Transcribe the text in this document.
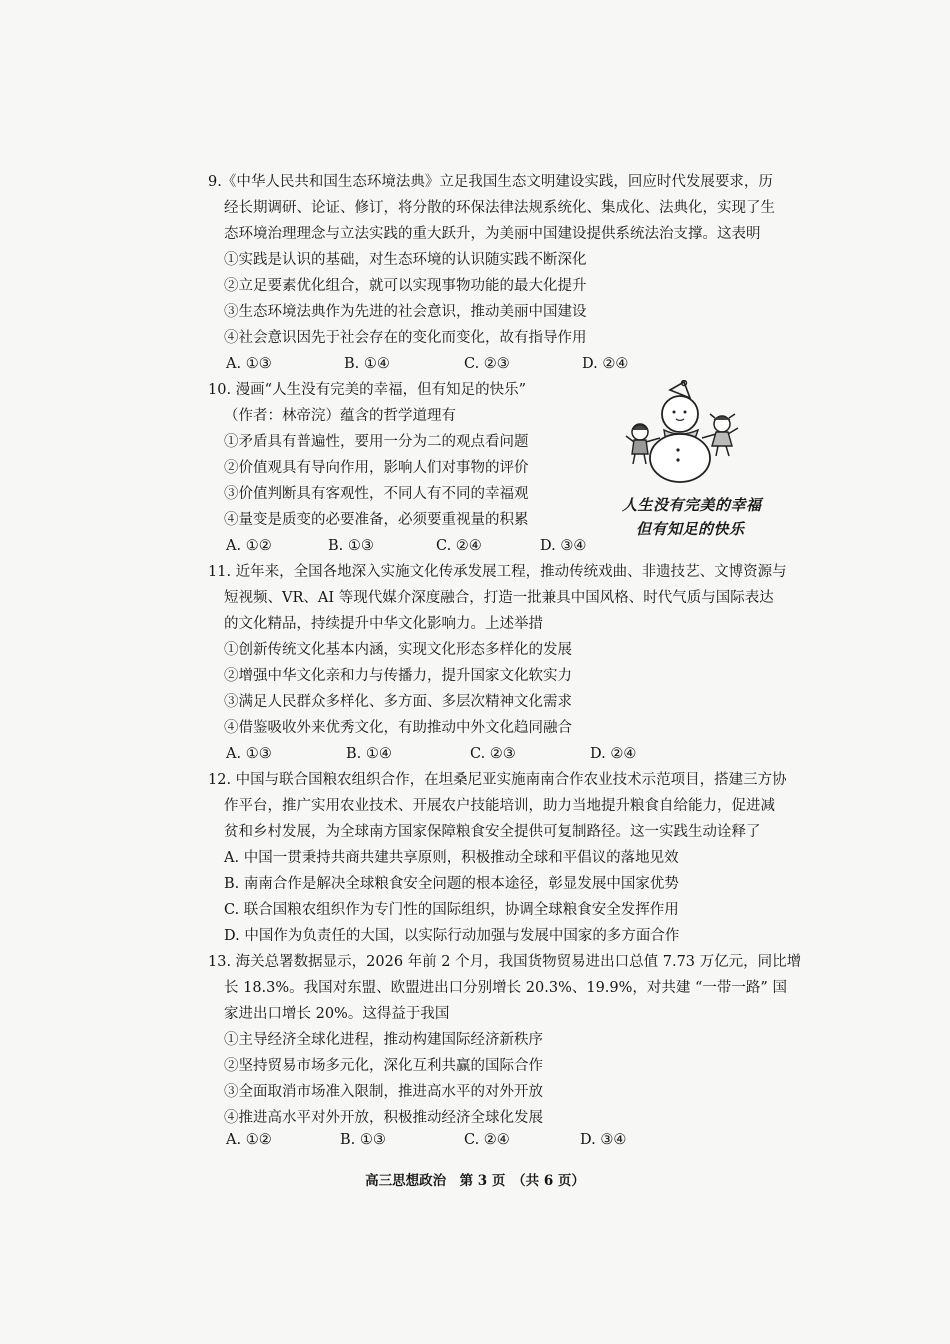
9.《中华人民共和国生态环境法典》立足我国生态文明建设实践，回应时代发展要求，历
经长期调研、论证、修订，将分散的环保法律法规系统化、集成化、法典化，实现了生
态环境治理理念与立法实践的重大跃升，为美丽中国建设提供系统法治支撑。这表明
①实践是认识的基础，对生态环境的认识随实践不断深化
②立足要素优化组合，就可以实现事物功能的最大化提升
③生态环境法典作为先进的社会意识，推动美丽中国建设
④社会意识因先于社会存在的变化而变化，故有指导作用
A. ①③	B. ①④	C. ②③	D. ②④
10. 漫画“人生没有完美的幸福，但有知足的快乐”
（作者：林帝浣）蕴含的哲学道理有
①矛盾具有普遍性，要用一分为二的观点看问题
②价值观具有导向作用，影响人们对事物的评价
③价值判断具有客观性，不同人有不同的幸福观
④量变是质变的必要准备，必须要重视量的积累
A. ①②	B. ①③	C. ②④	D. ③④
人生没有完美的幸福
但有知足的快乐
11. 近年来，全国各地深入实施文化传承发展工程，推动传统戏曲、非遗技艺、文博资源与
短视频、VR、AI 等现代媒介深度融合，打造一批兼具中国风格、时代气质与国际表达
的文化精品，持续提升中华文化影响力。上述举措
①创新传统文化基本内涵，实现文化形态多样化的发展
②增强中华文化亲和力与传播力，提升国家文化软实力
③满足人民群众多样化、多方面、多层次精神文化需求
④借鉴吸收外来优秀文化，有助推动中外文化趋同融合
A. ①③	B. ①④	C. ②③	D. ②④
12. 中国与联合国粮农组织合作，在坦桑尼亚实施南南合作农业技术示范项目，搭建三方协
作平台，推广实用农业技术、开展农户技能培训，助力当地提升粮食自给能力，促进减
贫和乡村发展，为全球南方国家保障粮食安全提供可复制路径。这一实践生动诠释了
A. 中国一贯秉持共商共建共享原则，积极推动全球和平倡议的落地见效
B. 南南合作是解决全球粮食安全问题的根本途径，彰显发展中国家优势
C. 联合国粮农组织作为专门性的国际组织，协调全球粮食安全发挥作用
D. 中国作为负责任的大国，以实际行动加强与发展中国家的多方面合作
13. 海关总署数据显示，2026 年前 2 个月，我国货物贸易进出口总值 7.73 万亿元，同比增
长 18.3%。我国对东盟、欧盟进出口分别增长 20.3%、19.9%，对共建 “一带一路” 国
家进出口增长 20%。这得益于我国
①主导经济全球化进程，推动构建国际经济新秩序
②坚持贸易市场多元化，深化互利共赢的国际合作
③全面取消市场准入限制，推进高水平的对外开放
④推进高水平对外开放，积极推动经济全球化发展
A. ①②	B. ①③	C. ②④	D. ③④
高三思想政治　第 3 页　（共 6 页）
